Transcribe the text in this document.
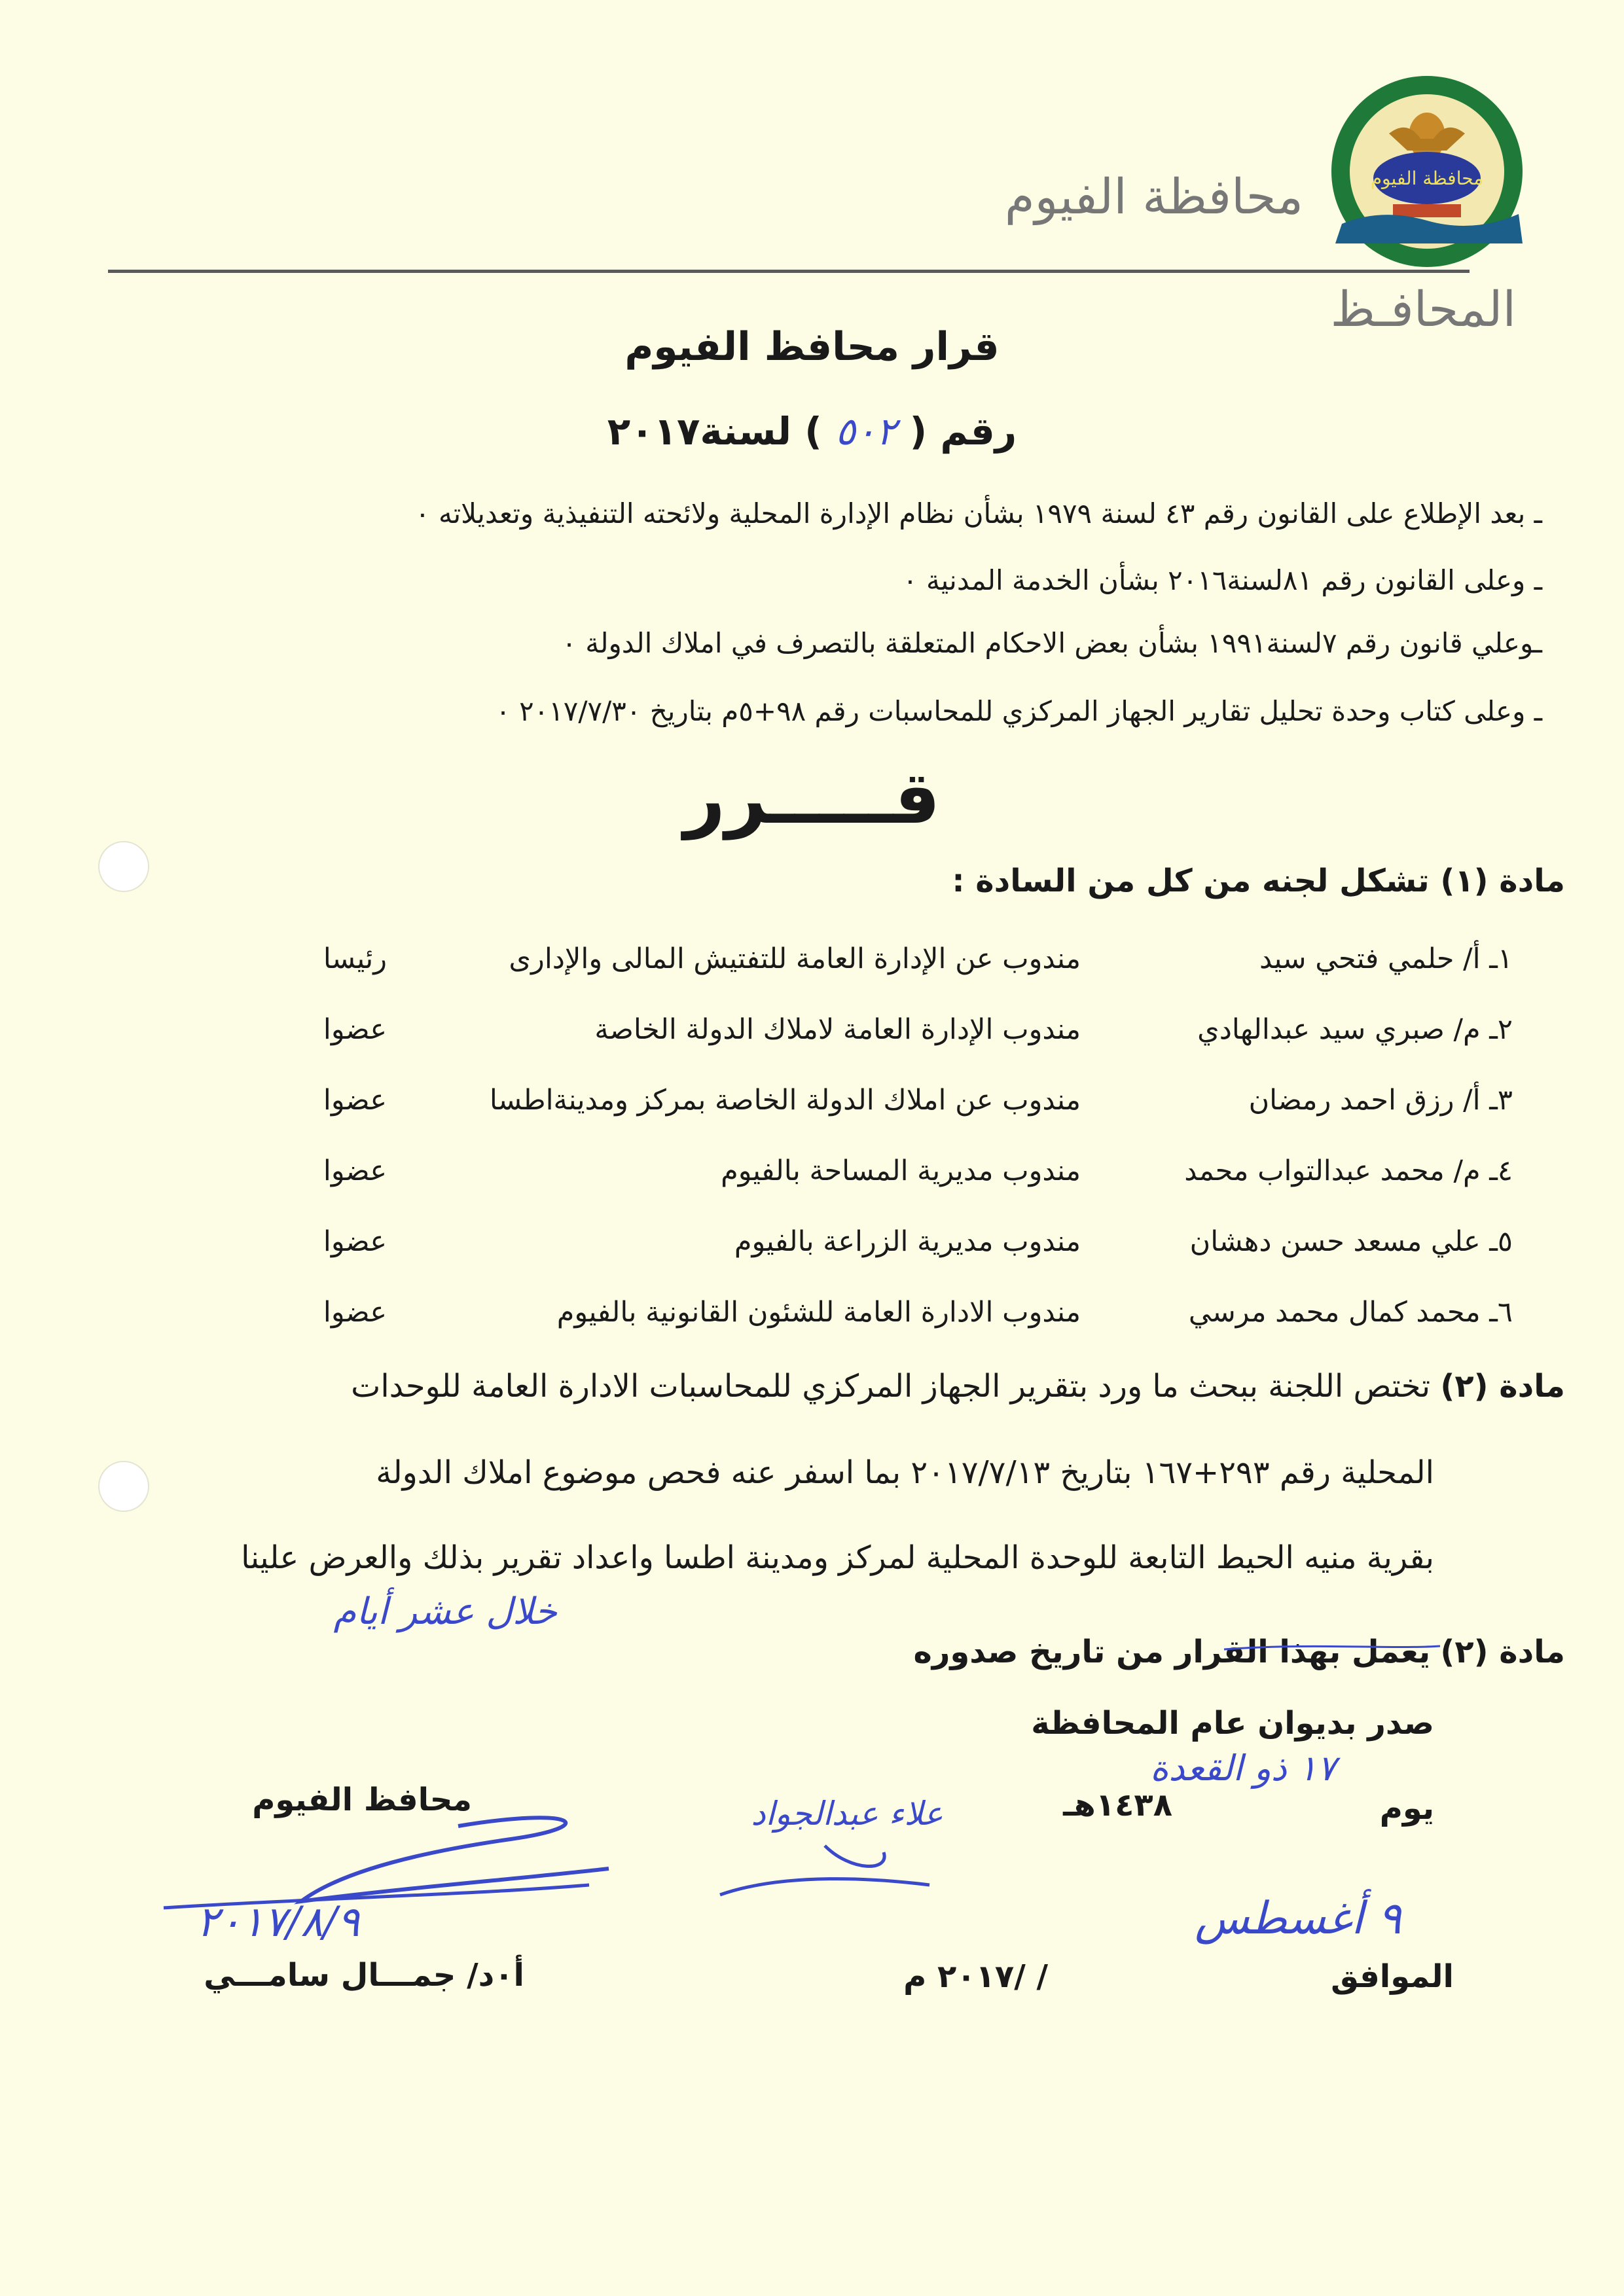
محافظة الفيوم
المحافـظ
محافظة الفيوم
قرار محافظ الفيوم
رقم ( ٥٠٢ ) لسنة٢٠١٧
ـ بعد الإطلاع على القانون رقم ٤٣ لسنة ١٩٧٩ بشأن نظام الإدارة المحلية ولائحته التنفيذية وتعديلاته ٠
ـ وعلى القانون رقم ٨١لسنة٢٠١٦ بشأن الخدمة المدنية ٠
ـوعلي قانون رقم ٧لسنة١٩٩١ بشأن بعض الاحكام المتعلقة بالتصرف في املاك الدولة ٠
ـ وعلى كتاب وحدة تحليل تقارير الجهاز المركزي للمحاسبات رقم ٩٨+٥م بتاريخ ٢٠١٧/٧/٣٠ ٠
قـــــرر
مادة (١) تشكل لجنه من كل من السادة :
١ـ أ/ حلمي فتحي سيد
مندوب عن الإدارة العامة للتفتيش المالى والإدارى
رئيسا
٢ـ م/ صبري سيد عبدالهادي
مندوب الإدارة العامة لاملاك الدولة الخاصة
عضوا
٣ـ أ/ رزق احمد رمضان
مندوب عن املاك الدولة الخاصة بمركز ومدينةاطسا
عضوا
٤ـ م/ محمد عبدالتواب محمد
مندوب مديرية المساحة بالفيوم
عضوا
٥ـ علي مسعد حسن دهشان
مندوب مديرية الزراعة بالفيوم
عضوا
٦ـ محمد كمال محمد مرسي
مندوب الادارة العامة للشئون القانونية بالفيوم
عضوا
مادة (٢) تختص اللجنة ببحث ما ورد بتقرير الجهاز المركزي للمحاسبات الادارة العامة للوحدات
المحلية رقم ٢٩٣+١٦٧ بتاريخ ٢٠١٧/٧/١٣ بما اسفر عنه فحص موضوع املاك الدولة
بقرية منيه الحيط التابعة للوحدة المحلية لمركز ومدينة اطسا واعداد تقرير بذلك والعرض علينا
خلال عشر أيام
مادة (٢) يعمل بهذا القرار من تاريخ صدوره
صدر بديوان عام المحافظة
يوم
١٧ ذو القعدة
١٤٣٨هـ
٩ أغسطس
الموافق
/ /٢٠١٧ م
محافظ الفيوم
أ٠د/ جمـــال سامـــي
٢٠١٧/٨/٩
علاء عبدالجواد
